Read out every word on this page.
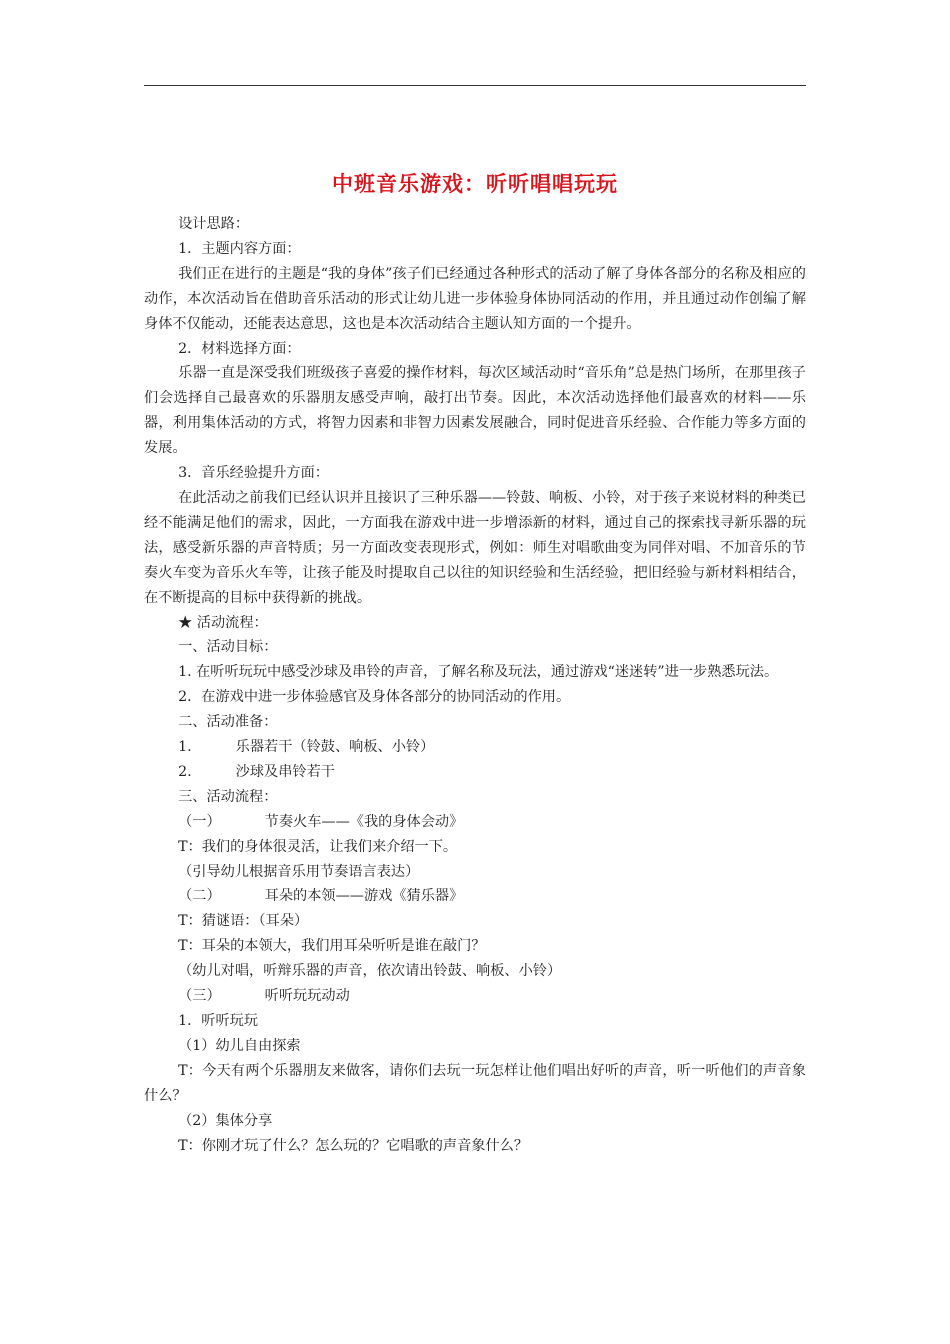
中班音乐游戏：听听唱唱玩玩

设计思路：

1．主题内容方面：

我们正在进行的主题是“我的身体”孩子们已经通过各种形式的活动了解了身体各部分的名称及相应的动作，本次活动旨在借助音乐活动的形式让幼儿进一步体验身体协同活动的作用，并且通过动作创编了解身体不仅能动，还能表达意思，这也是本次活动结合主题认知方面的一个提升。

2．材料选择方面：

乐器一直是深受我们班级孩子喜爱的操作材料，每次区域活动时“音乐角”总是热门场所，在那里孩子们会选择自己最喜欢的乐器朋友感受声响，敲打出节奏。因此，本次活动选择他们最喜欢的材料——乐器，利用集体活动的方式，将智力因素和非智力因素发展融合，同时促进音乐经验、合作能力等多方面的发展。

3．音乐经验提升方面：

在此活动之前我们已经认识并且接识了三种乐器——铃鼓、响板、小铃，对于孩子来说材料的种类已经不能满足他们的需求，因此，一方面我在游戏中进一步增添新的材料，通过自己的探索找寻新乐器的玩法，感受新乐器的声音特质；另一方面改变表现形式，例如：师生对唱歌曲变为同伴对唱、不加音乐的节奏火车变为音乐火车等，让孩子能及时提取自己以往的知识经验和生活经验，把旧经验与新材料相结合，在不断提高的目标中获得新的挑战。

★ 活动流程：

一、活动目标：

1. 在听听玩玩中感受沙球及串铃的声音，了解名称及玩法，通过游戏“迷迷转”进一步熟悉玩法。

2．在游戏中进一步体验感官及身体各部分的协同活动的作用。

二、活动准备：

1.	乐器若干（铃鼓、响板、小铃）

2.	沙球及串铃若干

三、活动流程：

（一）	节奏火车——《我的身体会动》

T：我们的身体很灵活，让我们来介绍一下。

（引导幼儿根据音乐用节奏语言表达）

（二）	耳朵的本领——游戏《猜乐器》

T：猜谜语：（耳朵）

T：耳朵的本领大，我们用耳朵听听是谁在敲门？

（幼儿对唱，听辩乐器的声音，依次请出铃鼓、响板、小铃）

（三）	听听玩玩动动

1．听听玩玩

（1）幼儿自由探索

T：今天有两个乐器朋友来做客，请你们去玩一玩怎样让他们唱出好听的声音，听一听他们的声音象什么？

（2）集体分享

T：你刚才玩了什么？怎么玩的？它唱歌的声音象什么？
